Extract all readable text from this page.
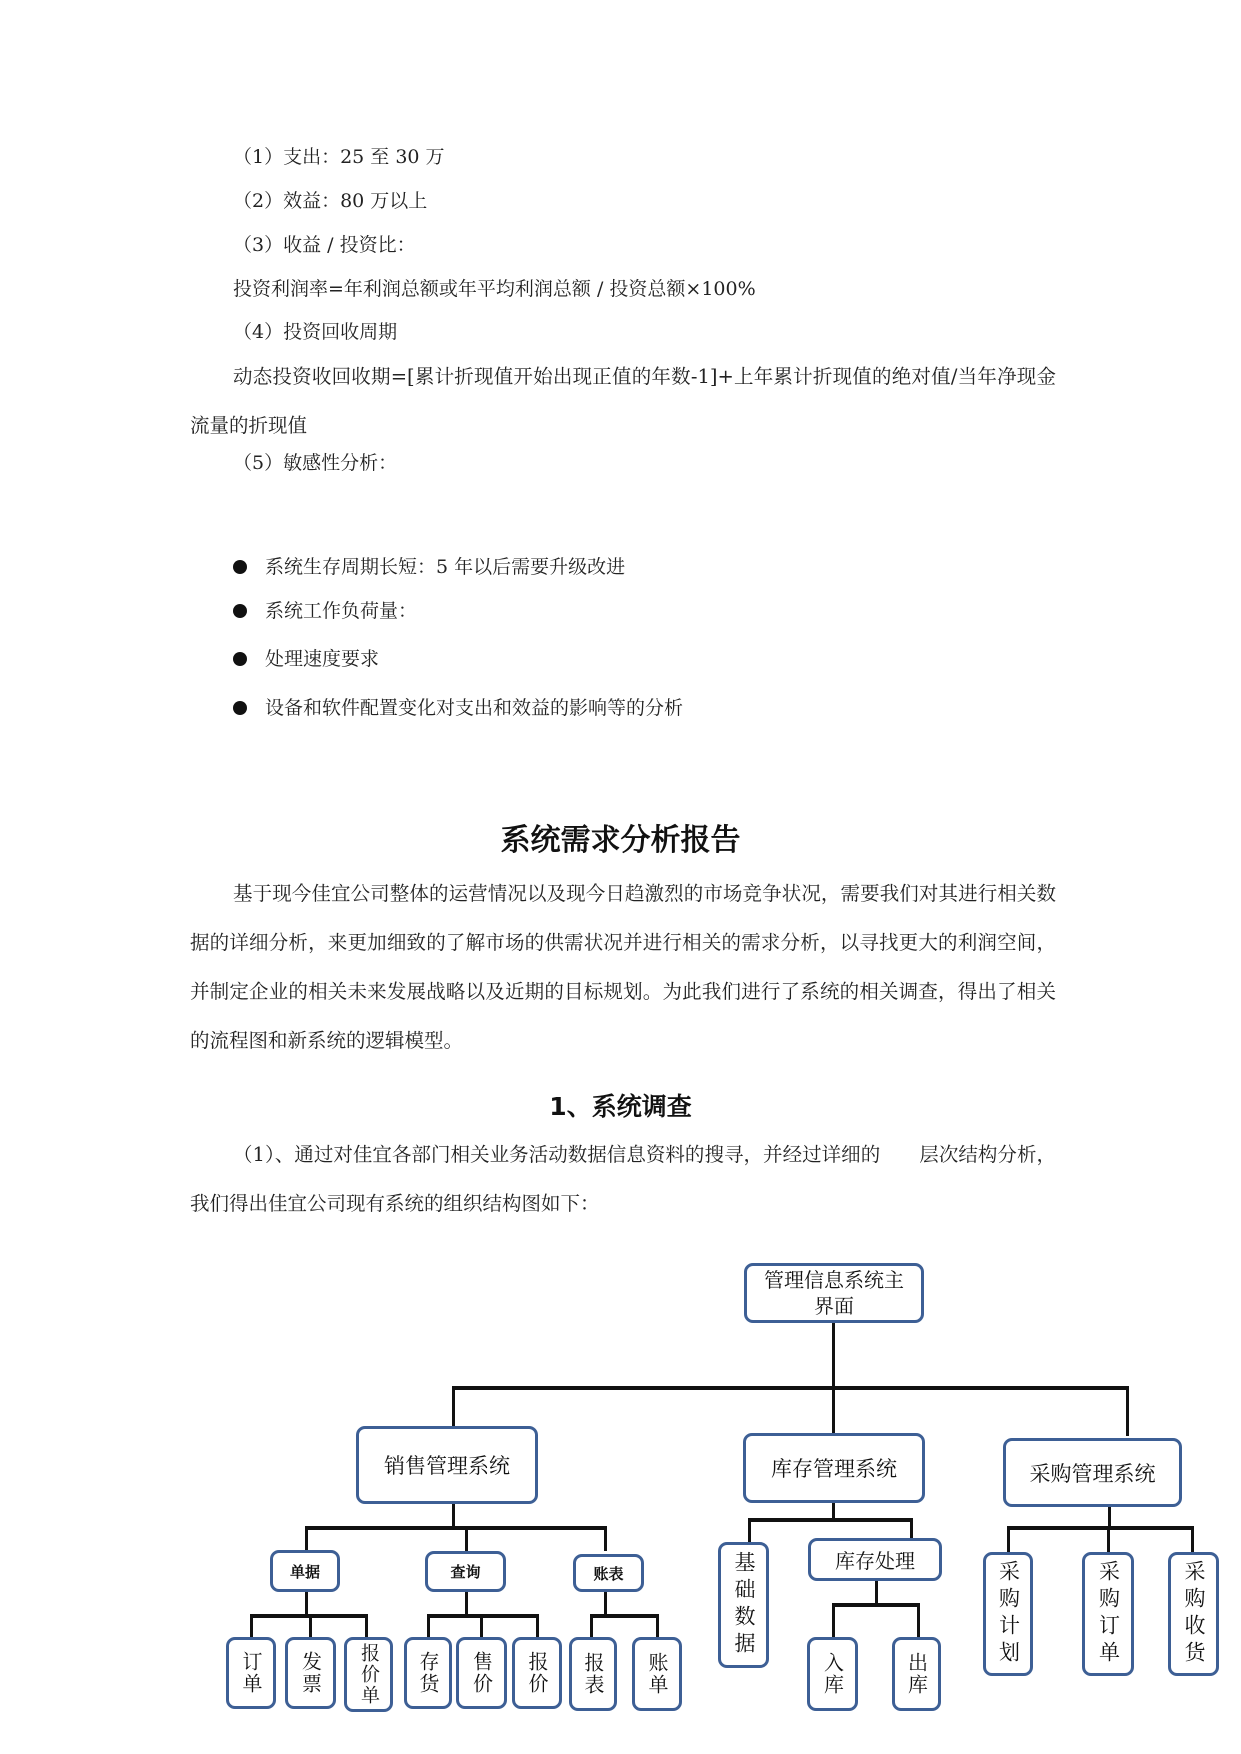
（1）支出：25 至 30 万
（2）效益：80 万以上
（3）收益 / 投资比：
投资利润率=年利润总额或年平均利润总额 / 投资总额×100%
（4）投资回收周期
动态投资收回收期=[累计折现值开始出现正值的年数-1]+上年累计折现值的绝对值/当年净现金流量的折现值
（5）敏感性分析：
系统生存周期长短：5 年以后需要升级改进
系统工作负荷量：
处理速度要求
设备和软件配置变化对支出和效益的影响等的分析
系统需求分析报告
基于现今佳宜公司整体的运营情况以及现今日趋激烈的市场竞争状况，需要我们对其进行相关数据的详细分析，来更加细致的了解市场的供需状况并进行相关的需求分析，以寻找更大的利润空间，并制定企业的相关未来发展战略以及近期的目标规划。为此我们进行了系统的相关调查，得出了相关的流程图和新系统的逻辑模型。
1、系统调查
（1）、通过对佳宜各部门相关业务活动数据信息资料的搜寻，并经过详细的　　层次结构分析，我们得出佳宜公司现有系统的组织结构图如下：
管理信息系统主界面
销售管理系统	库存管理系统	采购管理系统
单据	查询	账表
订单 发票 报价单 存货 售价 报价 报表 账单
基础数据	库存处理
入库	出库
采购计划	采购订单	采购收货
